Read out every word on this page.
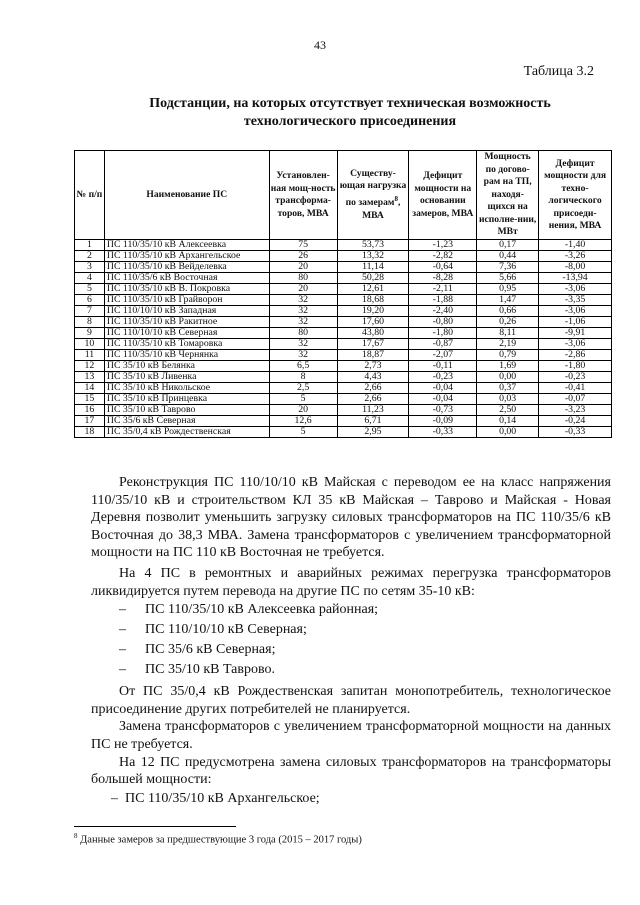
43
Таблица 3.2
Подстанции, на которых отсутствует техническая возможность
технологического присоединения
№ п/п	Наименование ПС	Установлен-ная мощ-ность трансформа-торов, МВА	Существу-ющая нагрузка по замерам$^8$, МВА	Дефицит мощности на основании замеров, МВА	Мощность по догово-рам на ТП, находя-щихся на исполне-нии, МВт	Дефицит мощности для техно-логического присоеди-нения, МВА
1	ПС 110/35/10 кВ Алексеевка	75	53,73	-1,23	0,17	-1,40
2	ПС 110/35/10 кВ Архангельское	26	13,32	-2,82	0,44	-3,26
3	ПС 110/35/10 кВ Вейделевка	20	11,14	-0,64	7,36	-8,00
4	ПС 110/35/6 кВ Восточная	80	50,28	-8,28	5,66	-13,94
5	ПС 110/35/10 кВ В. Покровка	20	12,61	-2,11	0,95	-3,06
6	ПС 110/35/10 кВ Грайворон	32	18,68	-1,88	1,47	-3,35
7	ПС 110/10/10 кВ Западная	32	19,20	-2,40	0,66	-3,06
8	ПС 110/35/10 кВ Ракитное	32	17,60	-0,80	0,26	-1,06
9	ПС 110/10/10 кВ Северная	80	43,80	-1,80	8,11	-9,91
10	ПС 110/35/10 кВ Томаровка	32	17,67	-0,87	2,19	-3,06
11	ПС 110/35/10 кВ Чернянка	32	18,87	-2,07	0,79	-2,86
12	ПС 35/10 кВ Белянка	6,5	2,73	-0,11	1,69	-1,80
13	ПС 35/10 кВ Ливенка	8	4,43	-0,23	0,00	-0,23
14	ПС 35/10 кВ Никольское	2,5	2,66	-0,04	0,37	-0,41
15	ПС 35/10 кВ Принцевка	5	2,66	-0,04	0,03	-0,07
16	ПС 35/10 кВ Таврово	20	11,23	-0,73	2,50	-3,23
17	ПС 35/6 кВ Северная	12,6	6,71	-0,09	0,14	-0,24
18	ПС 35/0,4 кВ Рождественская	5	2,95	-0,33	0,00	-0,33

Реконструкция ПС 110/10/10 кВ Майская с переводом ее на класс напряжения 110/35/10 кВ и строительством КЛ 35 кВ Майская – Таврово и Майская - Новая Деревня позволит уменьшить загрузку силовых трансформаторов на ПС 110/35/6 кВ Восточная до 38,3 МВА. Замена трансформаторов с увеличением трансформаторной мощности на ПС 110 кВ Восточная не требуется.

На 4 ПС в ремонтных и аварийных режимах перегрузка трансформаторов ликвидируется путем перевода на другие ПС по сетям 35-10 кВ:

– ПС 110/35/10 кВ Алексеевка районная;
– ПС 110/10/10 кВ Северная;
– ПС 35/6 кВ Северная;
– ПС 35/10 кВ Таврово.

От ПС 35/0,4 кВ Рождественская запитан монопотребитель, технологическое присоединение других потребителей не планируется.

Замена трансформаторов с увеличением трансформаторной мощности на данных ПС не требуется.

На 12 ПС предусмотрена замена силовых трансформаторов на трансформаторы большей мощности:

– ПС 110/35/10 кВ Архангельское;
$^8$ Данные замеров за предшествующие 3 года (2015 – 2017 годы)
